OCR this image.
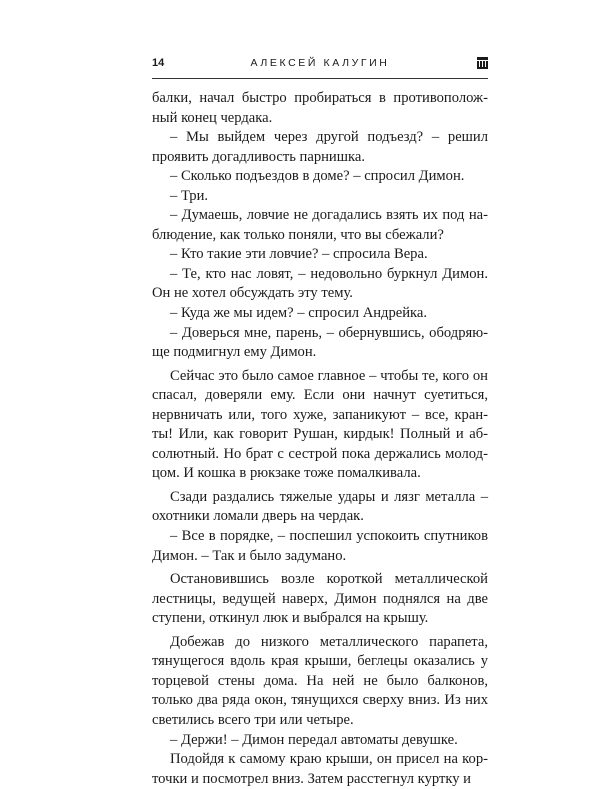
14	АЛЕКСЕЙ КАЛУГИН

балки, начал быстро пробираться в противоположный конец чердака.

– Мы выйдем через другой подъезд? – решил проявить догадливость парнишка.

– Сколько подъездов в доме? – спросил Димон.

– Три.

– Думаешь, ловчие не догадались взять их под наблюдение, как только поняли, что вы сбежали?

– Кто такие эти ловчие? – спросила Вера.

– Те, кто нас ловят, – недовольно буркнул Димон. Он не хотел обсуждать эту тему.

– Куда же мы идем? – спросил Андрейка.

– Доверься мне, парень, – обернувшись, ободряюще подмигнул ему Димон.

Сейчас это было самое главное – чтобы те, кого он спасал, доверяли ему. Если они начнут суетиться, нервничать или, того хуже, запаникуют – все, кранты! Или, как говорит Рушан, кирдык! Полный и абсолютный. Но брат с сестрой пока держались молодцом. И кошка в рюкзаке тоже помалкивала.

Сзади раздались тяжелые удары и лязг металла – охотники ломали дверь на чердак.

– Все в порядке, – поспешил успокоить спутников Димон. – Так и было задумано.

Остановившись возле короткой металлической лестницы, ведущей наверх, Димон поднялся на две ступени, откинул люк и выбрался на крышу.

Добежав до низкого металлического парапета, тянущегося вдоль края крыши, беглецы оказались у торцевой стены дома. На ней не было балконов, только два ряда окон, тянущихся сверху вниз. Из них светились всего три или четыре.

– Держи! – Димон передал автоматы девушке.

Подойдя к самому краю крыши, он присел на корточки и посмотрел вниз. Затем расстегнул куртку и
